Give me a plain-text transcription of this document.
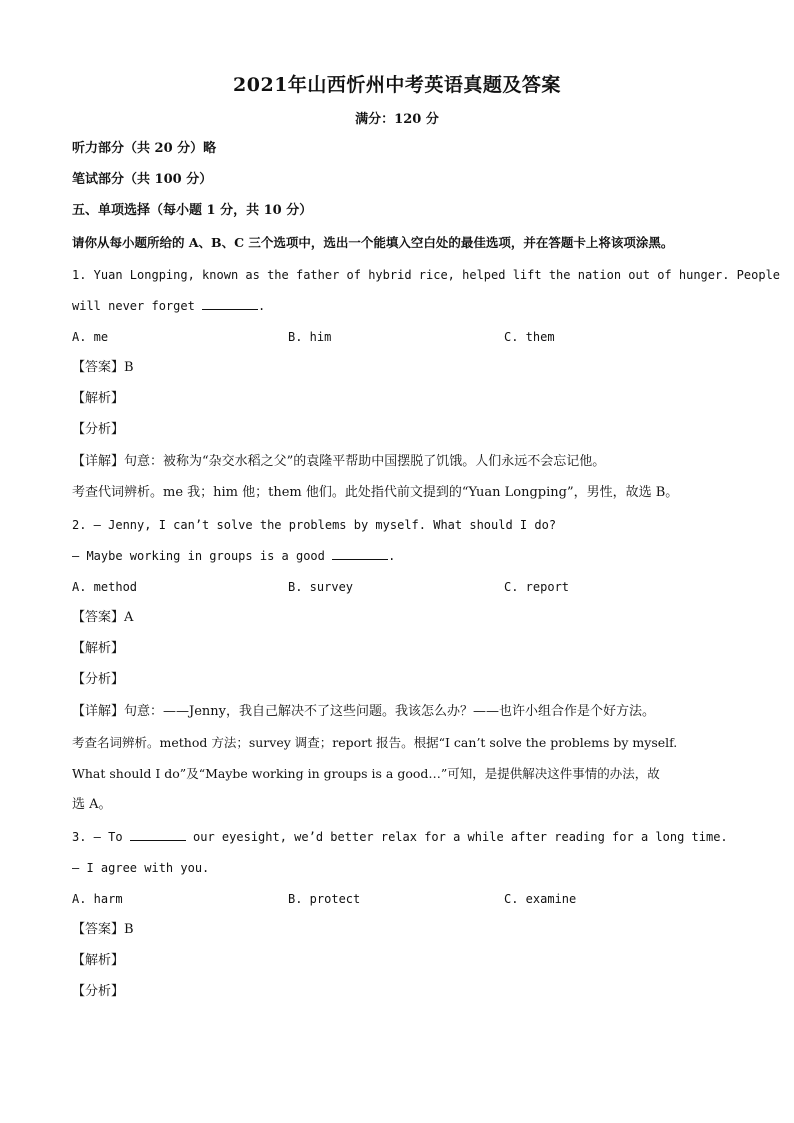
2021年山西忻州中考英语真题及答案
满分：120 分
听力部分（共 20 分）略
笔试部分（共 100 分）
五、单项选择（每小题 1 分，共 10 分）
请你从每小题所给的 A、B、C 三个选项中，选出一个能填入空白处的最佳选项，并在答题卡上将该项涂黑。
1. Yuan Longping, known as the father of hybrid rice, helped lift the nation out of hunger. People
will never forget	.
A. me	B. him	C. them
【答案】B
【解析】
【分析】
【详解】句意：被称为“杂交水稻之父”的袁隆平帮助中国摆脱了饥饿。人们永远不会忘记他。
考查代词辨析。me 我；him 他；them 他们。此处指代前文提到的“Yuan Longping”，男性，故选 B。
2. — Jenny, I can’t solve the problems by myself. What should I do?
— Maybe working in groups is a good	.
A. method	B. survey	C. report
【答案】A
【解析】
【分析】
【详解】句意：——Jenny，我自己解决不了这些问题。我该怎么办？——也许小组合作是个好方法。
考查名词辨析。method 方法；survey 调查；report 报告。根据“I can’t solve the problems by myself.
What should I do”及“Maybe working in groups is a good…”可知，是提供解决这件事情的办法，故
选 A。
3. — To	our eyesight, we’d better relax for a while after reading for a long time.
— I agree with you.
A. harm	B. protect	C. examine
【答案】B
【解析】
【分析】
